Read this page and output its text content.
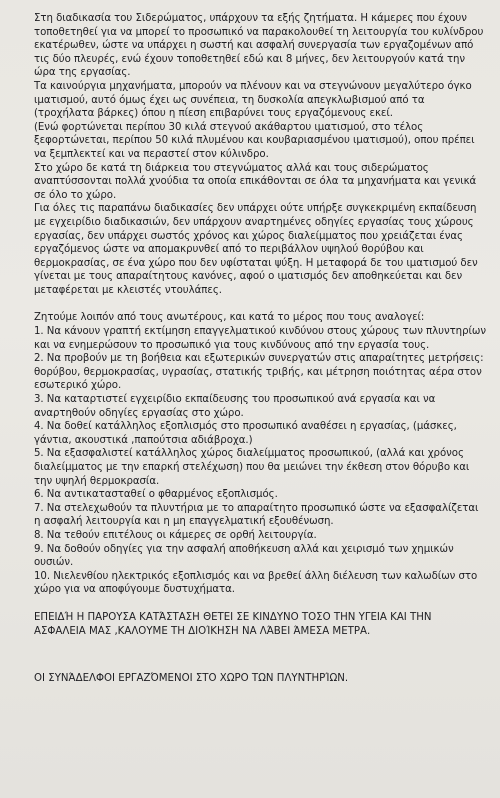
Στη διαδικασία του Σιδερώματος, υπάρχουν τα εξής ζητήματα. Η κάμερες που έχουν τοποθετηθεί για να μπορεί το προσωπικό να παρακολουθεί τη λειτουργία του κυλίνδρου εκατέρωθεν, ώστε να υπάρχει η σωστή και ασφαλή συνεργασία των εργαζομένων από τις δύο πλευρές, ενώ έχουν τοποθετηθεί εδώ και 8 μήνες, δεν λειτουργούν κατά την ώρα της εργασίας.

Τα καινούργια μηχανήματα, μπορούν να πλένουν και να στεγνώνουν μεγαλύτερο όγκο ιματισμού, αυτό όμως έχει ως συνέπεια, τη δυσκολία απεγκλωβισμού από τα (τροχήλατα βάρκες) όπου η πίεση επιβαρύνει τους εργαζόμενους εκεί.

(Ενώ φορτώνεται περίπου 30 κιλά στεγνού ακάθαρτου ιματισμού, στο τέλος ξεφορτώνεται, περίπου 50 κιλά πλυμένου και κουβαριασμένου ιματισμού), οπου πρέπει να ξεμπλεκτεί και να περαστεί στον κύλινδρο.

Στο χώρο δε κατά τη διάρκεια του στεγνώματος αλλά και τους σιδερώματος αναπτύσσονται πολλά χνούδια τα οποία επικάθονται σε όλα τα μηχανήματα και γενικά σε όλο το χώρο.

Για όλες τις παραπάνω διαδικασίες δεν υπάρχει ούτε υπήρξε συγκεκριμένη εκπαίδευση με εγχειρίδιο διαδικασιών, δεν υπάρχουν αναρτημένες οδηγίες εργασίας τους χώρους εργασίας, δεν υπάρχει σωστός χρόνος και χώρος διαλείμματος που χρειάζεται ένας εργαζόμενος ώστε να απομακρυνθεί από το περιβάλλον υψηλού θορύβου και θερμοκρασίας, σε ένα χώρο που δεν υφίσταται ψύξη. Η μεταφορά δε του ιματισμού δεν γίνεται με τους απαραίτητους κανόνες, αφού ο ιματισμός δεν αποθηκεύεται και δεν μεταφέρεται με κλειστές ντουλάπες.

Ζητούμε λοιπόν από τους ανωτέρους, και κατά το μέρος που τους αναλογεί:

1. Να κάνουν γραπτή εκτίμηση επαγγελματικού κινδύνου στους χώρους των πλυντηρίων και να ενημερώσουν το προσωπικό για τους κινδύνους από την εργασία τους.

2. Να προβούν με τη βοήθεια και εξωτερικών συνεργατών στις απαραίτητες μετρήσεις: θορύβου, θερμοκρασίας, υγρασίας, στατικής τριβής, και μέτρηση ποιότητας αέρα στον εσωτερικό χώρο.

3. Να καταρτιστεί εγχειρίδιο εκπαίδευσης του προσωπικού ανά εργασία και να αναρτηθούν οδηγίες εργασίας στο χώρο.

4. Να δοθεί κατάλληλος εξοπλισμός στο προσωπικό αναθέσει η εργασίας, (μάσκες, γάντια, ακουστικά ,παπούτσια αδιάβροχα.)

5. Να εξασφαλιστεί κατάλληλος χώρος διαλείμματος προσωπικού, (αλλά και χρόνος διαλείμματος με την επαρκή στελέχωση) που θα μειώνει την έκθεση στον θόρυβο και την υψηλή θερμοκρασία.

6. Να αντικατασταθεί ο φθαρμένος εξοπλισμός.

7. Να στελεχωθούν τα πλυντήρια με το απαραίτητο προσωπικό ώστε να εξασφαλίζεται η ασφαλή λειτουργία και η μη επαγγελματική εξουθένωση.

8. Να τεθούν επιτέλους οι κάμερες σε ορθή λειτουργία.

9. Να δοθούν οδηγίες για την ασφαλή αποθήκευση αλλά και χειρισμό των χημικών ουσιών.

10. Νιελενθίου ηλεκτρικός εξοπλισμός και να βρεθεί άλλη διέλευση των καλωδίων στο χώρο για να αποφύγουμε δυστυχήματα.

ΕΠΕΙΔΉ Η ΠΑΡΟΥΣΑ ΚΑΤΆΣΤΑΣΗ ΘΕΤΕΙ ΣΕ ΚΙΝΔΥΝΟ ΤΟΣΟ ΤΗΝ ΥΓΕΙΑ ΚΑΙ ΤΗΝ ΑΣΦΑΛΕΙΑ ΜΑΣ ,ΚΑΛΟΥΜΕ ΤΗ ΔΙΟΊΚΗΣΗ ΝΑ ΛΆΒΕΙ ΆΜΕΣΑ ΜΕΤΡΑ.

ΟΙ ΣΥΝΆΔΕΛΦΟΙ ΕΡΓΑΖΌΜΕΝΟΙ ΣΤΟ ΧΩΡΟ ΤΩΝ ΠΛΥΝΤΗΡΊΩΝ.
